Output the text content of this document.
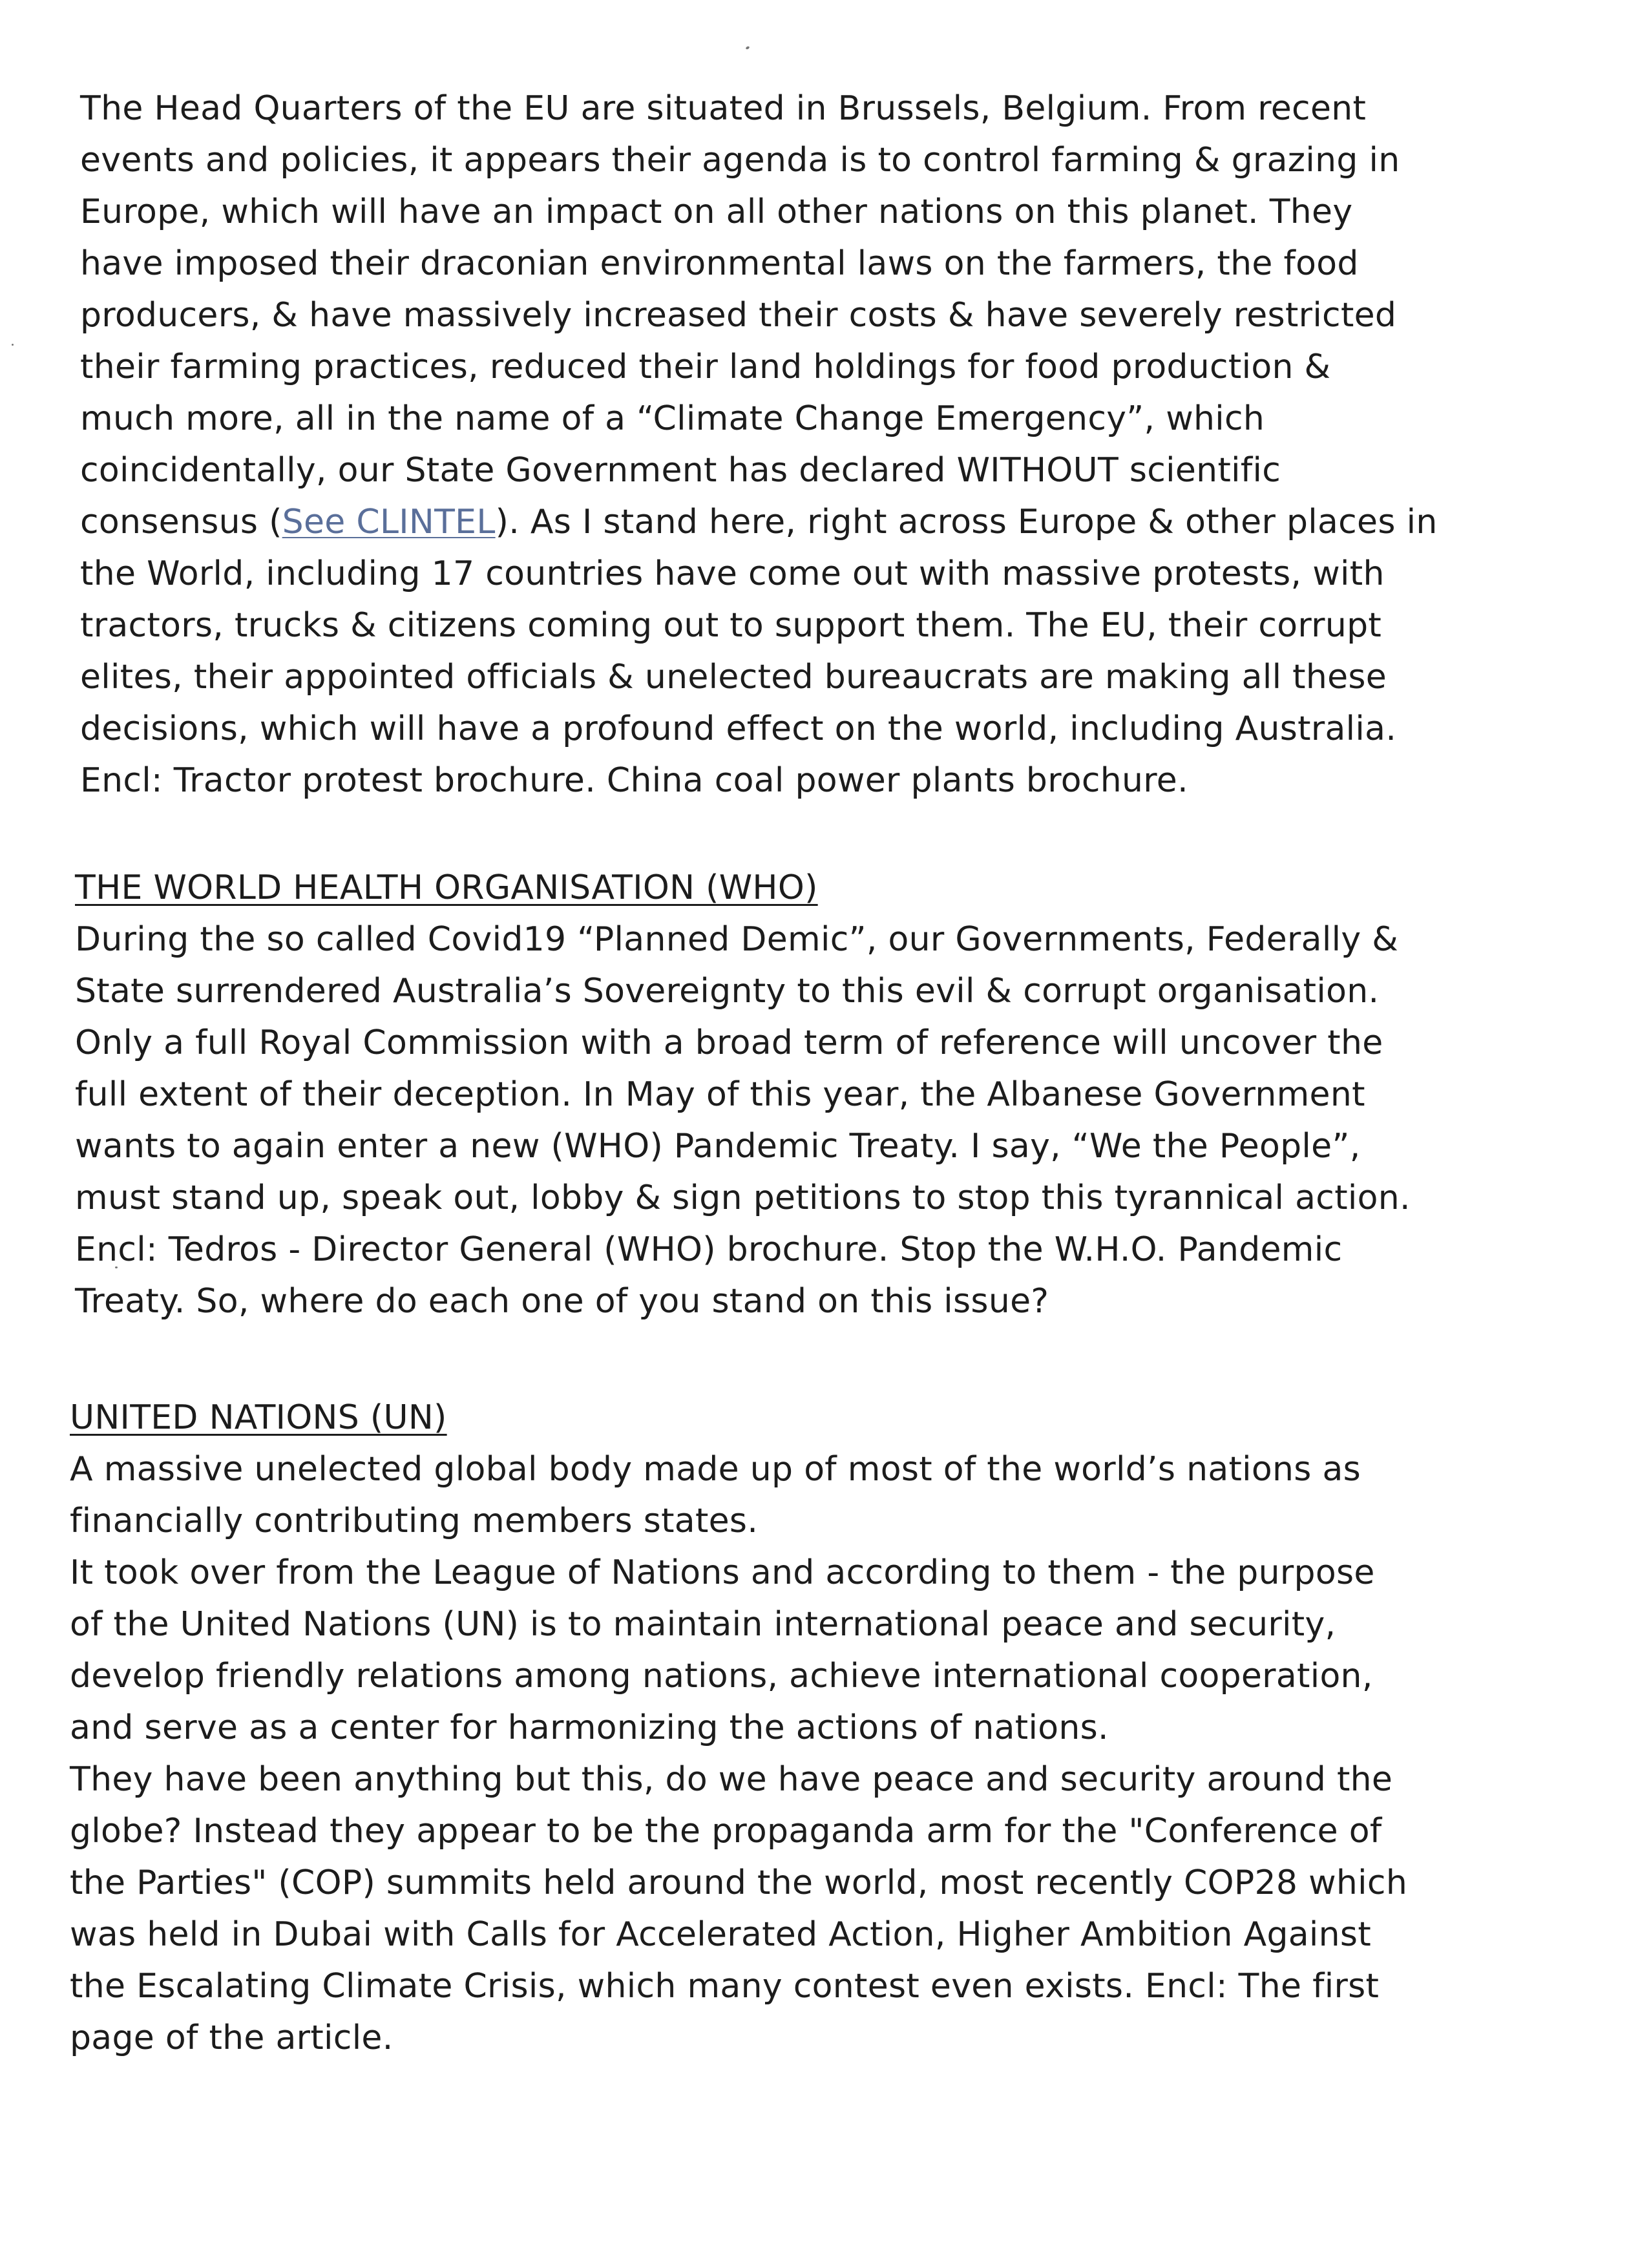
The Head Quarters of the EU are situated in Brussels, Belgium. From recent
events and policies, it appears their agenda is to control farming & grazing in
Europe, which will have an impact on all other nations on this planet. They
have imposed their draconian environmental laws on the farmers, the food
producers, & have massively increased their costs & have severely restricted
their farming practices, reduced their land holdings for food production &
much more, all in the name of a “Climate Change Emergency”, which
coincidentally, our State Government has declared WITHOUT scientific
consensus (See CLINTEL). As I stand here, right across Europe & other places in
the World, including 17 countries have come out with massive protests, with
tractors, trucks & citizens coming out to support them. The EU, their corrupt
elites, their appointed officials & unelected bureaucrats are making all these
decisions, which will have a profound effect on the world, including Australia.
Encl: Tractor protest brochure. China coal power plants brochure.
THE WORLD HEALTH ORGANISATION (WHO)
During the so called Covid19 “Planned Demic”, our Governments, Federally &
State surrendered Australia’s Sovereignty to this evil & corrupt organisation.
Only a full Royal Commission with a broad term of reference will uncover the
full extent of their deception. In May of this year, the Albanese Government
wants to again enter a new (WHO) Pandemic Treaty. I say, “We the People”,
must stand up, speak out, lobby & sign petitions to stop this tyrannical action.
Encl: Tedros - Director General (WHO) brochure. Stop the W.H.O. Pandemic
Treaty. So, where do each one of you stand on this issue?
UNITED NATIONS (UN)
A massive unelected global body made up of most of the world’s nations as
financially contributing members states.
It took over from the League of Nations and according to them - the purpose
of the United Nations (UN) is to maintain international peace and security,
develop friendly relations among nations, achieve international cooperation,
and serve as a center for harmonizing the actions of nations.
They have been anything but this, do we have peace and security around the
globe? Instead they appear to be the propaganda arm for the "Conference of
the Parties" (COP) summits held around the world, most recently COP28 which
was held in Dubai with Calls for Accelerated Action, Higher Ambition Against
the Escalating Climate Crisis, which many contest even exists. Encl: The first
page of the article.
